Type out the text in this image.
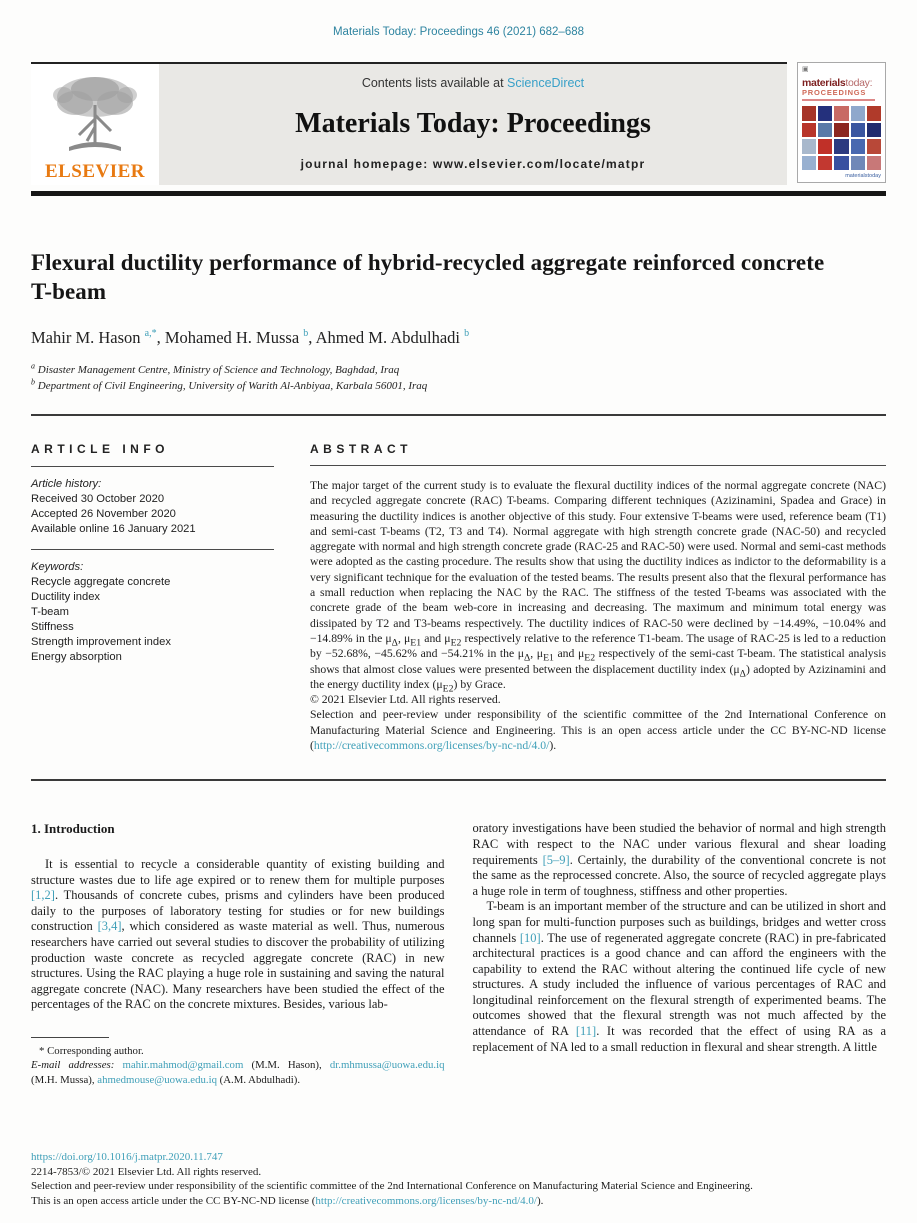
Materials Today: Proceedings 46 (2021) 682–688
ELSEVIER
Contents lists available at ScienceDirect
Materials Today: Proceedings
journal homepage: www.elsevier.com/locate/matpr
▣
materialstoday:
PROCEEDINGS
materialstoday
Flexural ductility performance of hybrid-recycled aggregate reinforced concrete T-beam
Mahir M. Hason $^{a,*}$, Mohamed H. Mussa $^b$, Ahmed M. Abdulhadi $^b$
$^a$ Disaster Management Centre, Ministry of Science and Technology, Baghdad, Iraq
$^b$ Department of Civil Engineering, University of Warith Al-Anbiyaa, Karbala 56001, Iraq
ARTICLE INFO
Article history:
Received 30 October 2020
Accepted 26 November 2020
Available online 16 January 2021
Keywords:
Recycle aggregate concrete
Ductility index
T-beam
Stiffness
Strength improvement index
Energy absorption
ABSTRACT
The major target of the current study is to evaluate the flexural ductility indices of the normal aggregate concrete (NAC) and recycled aggregate concrete (RAC) T-beams. Comparing different techniques (Azizinamini, Spadea and Grace) in measuring the ductility indices is another objective of this study. Four extensive T-beams were used, reference beam (T1) and semi-cast T-beams (T2, T3 and T4). Normal aggregate with high strength concrete grade (NAC-50) and recycled aggregate with normal and high strength concrete grade (RAC-25 and RAC-50) were used. Normal and semi-cast methods were adopted as the casting procedure. The results show that using the ductility indices as indictor to the deformability is a very significant technique for the evaluation of the tested beams. The results present also that the flexural performance has a small reduction when replacing the NAC by the RAC. The stiffness of the tested T-beams was associated with the concrete grade of the beam web-core in increasing and decreasing. The maximum and minimum total energy was dissipated by T2 and T3-beams respectively. The ductility indices of RAC-50 were declined by −14.49%, −10.04% and −14.89% in the $\mu_\Delta$, $\mu_{E1}$ and $\mu_{E2}$ respectively relative to the reference T1-beam. The usage of RAC-25 is led to a reduction by −52.68%, −45.62% and −54.21% in the $\mu_\Delta$, $\mu_{E1}$ and $\mu_{E2}$ respectively of the semi-cast T-beam. The statistical analysis shows that almost close values were presented between the displacement ductility index $(\mu_\Delta)$ adopted by Azizinamini and the energy ductility index $(\mu_{E2})$ by Grace.
© 2021 Elsevier Ltd. All rights reserved.
Selection and peer-review under responsibility of the scientific committee of the 2nd International Conference on Manufacturing Material Science and Engineering. This is an open access article under the CC BY-NC-ND license (http://creativecommons.org/licenses/by-nc-nd/4.0/).
1. Introduction

It is essential to recycle a considerable quantity of existing building and structure wastes due to life age expired or to renew them for multiple purposes [1,2]. Thousands of concrete cubes, prisms and cylinders have been produced daily to the purposes of laboratory testing for studies or for new buildings construction [3,4], which considered as waste material as well. Thus, numerous researchers have carried out several studies to discover the probability of utilizing production waste concrete as recycled aggregate concrete (RAC) in new structures. Using the RAC playing a huge role in sustaining and saving the natural aggregate concrete (NAC). Many researchers have been studied the effect of the percentages of the RAC on the concrete mixtures. Besides, various lab-

* Corresponding author.
E-mail addresses: mahir.mahmod@gmail.com (M.M. Hason), dr.mhmussa@uowa.edu.iq (M.H. Mussa), ahmedmouse@uowa.edu.iq (A.M. Abdulhadi).

oratory investigations have been studied the behavior of normal and high strength RAC with respect to the NAC under various flexural and shear loading requirements [5–9]. Certainly, the durability of the conventional concrete is not the same as the reprocessed concrete. Also, the source of recycled aggregate plays a huge role in term of toughness, stiffness and other properties.

T-beam is an important member of the structure and can be utilized in short and long span for multi-function purposes such as buildings, bridges and wetter cross channels [10]. The use of regenerated aggregate concrete (RAC) in pre-fabricated architectural practices is a good chance and can afford the engineers with the capability to extend the RAC without altering the continued life cycle of new structures. A study included the influence of various percentages of RAC and longitudinal reinforcement on the flexural strength of experimented beams. The outcomes showed that the flexural strength was not much affected by the attendance of RA [11]. It was recorded that the effect of using RA as a replacement of NA led to a small reduction in flexural and shear strength. A little

https://doi.org/10.1016/j.matpr.2020.11.747
2214-7853/© 2021 Elsevier Ltd. All rights reserved.
Selection and peer-review under responsibility of the scientific committee of the 2nd International Conference on Manufacturing Material Science and Engineering.
This is an open access article under the CC BY-NC-ND license (http://creativecommons.org/licenses/by-nc-nd/4.0/).
